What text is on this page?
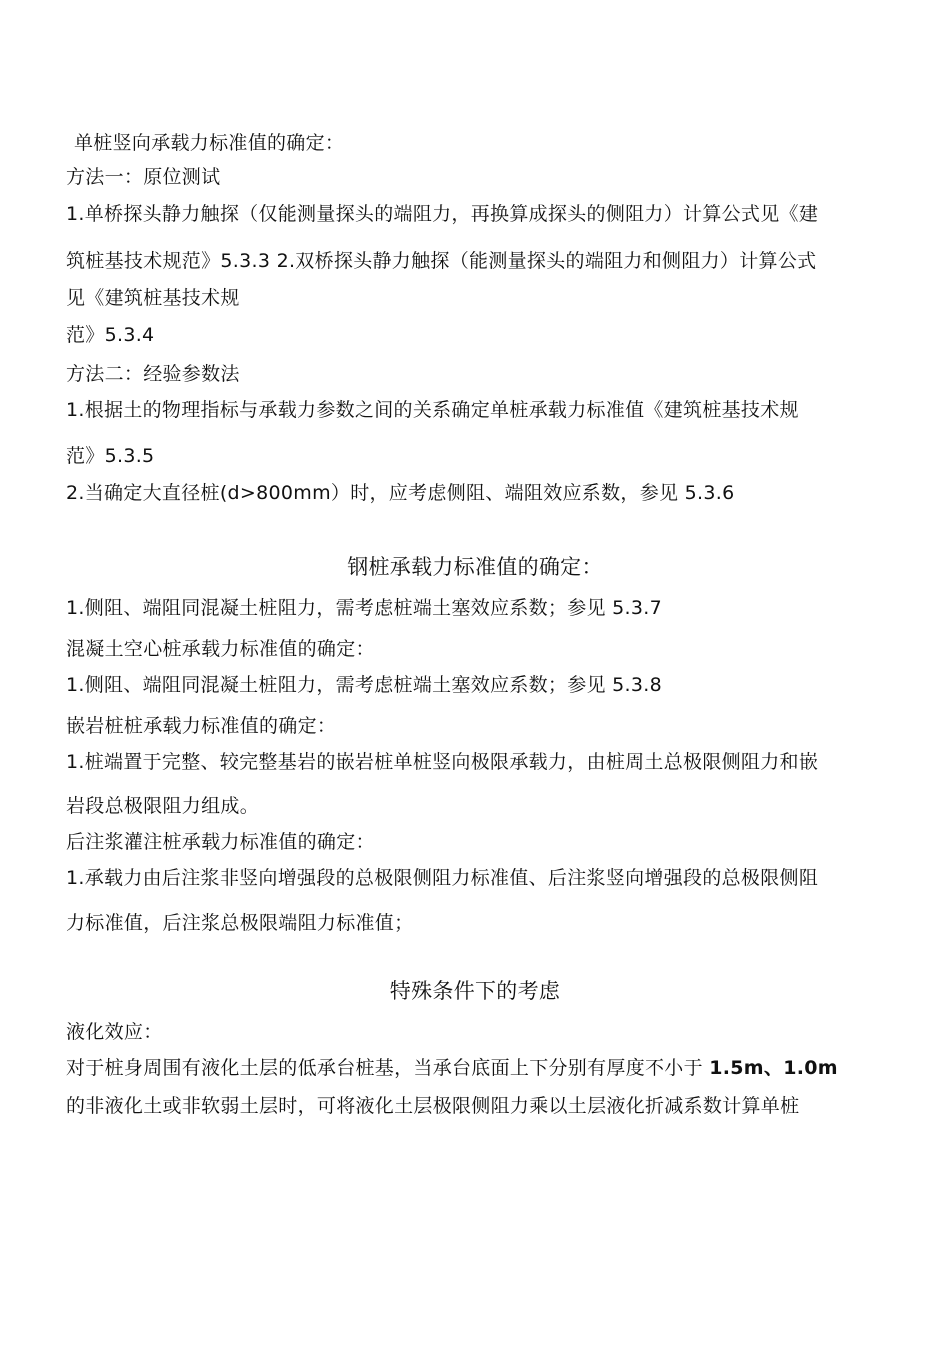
单桩竖向承载力标准值的确定：
方法一：原位测试
1.单桥探头静力触探（仅能测量探头的端阻力，再换算成探头的侧阻力）计算公式见《建
筑桩基技术规范》5.3.3 2.双桥探头静力触探（能测量探头的端阻力和侧阻力）计算公式
见《建筑桩基技术规
范》5.3.4
方法二：经验参数法
1.根据土的物理指标与承载力参数之间的关系确定单桩承载力标准值《建筑桩基技术规
范》5.3.5
2.当确定大直径桩(d>800mm）时，应考虑侧阻、端阻效应系数，参见 5.3.6
钢桩承载力标准值的确定：
1.侧阻、端阻同混凝土桩阻力，需考虑桩端土塞效应系数；参见 5.3.7
混凝土空心桩承载力标准值的确定：
1.侧阻、端阻同混凝土桩阻力，需考虑桩端土塞效应系数；参见 5.3.8
嵌岩桩桩承载力标准值的确定：
1.桩端置于完整、较完整基岩的嵌岩桩单桩竖向极限承载力，由桩周土总极限侧阻力和嵌
岩段总极限阻力组成。
后注浆灌注桩承载力标准值的确定：
1.承载力由后注浆非竖向增强段的总极限侧阻力标准值、后注浆竖向增强段的总极限侧阻
力标准值，后注浆总极限端阻力标准值；
特殊条件下的考虑
液化效应：
对于桩身周围有液化土层的低承台桩基，当承台底面上下分别有厚度不小于 1.5m、1.0m
的非液化土或非软弱土层时，可将液化土层极限侧阻力乘以土层液化折减系数计算单桩
